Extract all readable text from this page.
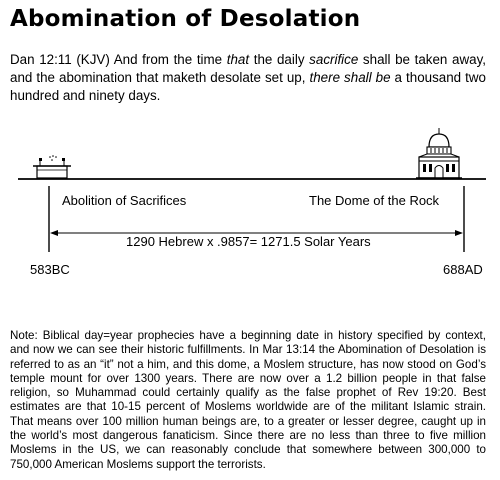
Abomination of Desolation
Dan 12:11 (KJV) And from the time that the daily sacrifice shall be taken away, and the abomination that maketh desolate set up, there shall be a thousand two hundred and ninety days.
Abolition of Sacrifices	The Dome of the Rock
1290 Hebrew x .9857= 1271.5 Solar Years
583BC	688AD
Note: Biblical day=year prophecies have a beginning date in history specified by context, and now we can see their historic fulfillments. In Mar 13:14 the Abomination of Desolation is referred to as an “it” not a him, and this dome, a Moslem structure, has now stood on God’s temple mount for over 1300 years. There are now over a 1.2 billion people in that false religion, so Muhammad could certainly qualify as the false prophet of Rev 19:20. Best estimates are that 10-15 percent of Moslems worldwide are of the militant Islamic strain. That means over 100 million human beings are, to a greater or lesser degree, caught up in the world’s most dangerous fanaticism. Since there are no less than three to five million Moslems in the US, we can reasonably conclude that somewhere between 300,000 to 750,000 American Moslems support the terrorists.
